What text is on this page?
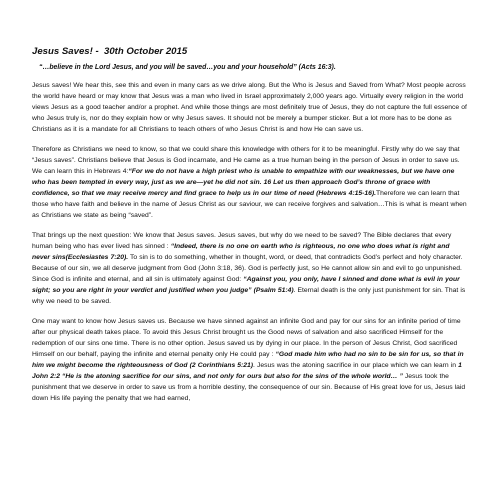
Jesus Saves! -  30th October 2015
“…believe in the Lord Jesus, and you will be saved…you and your household” (Acts 16:3).

Jesus saves! We hear this, see this and even in many cars as we drive along. But the Who is Jesus and Saved from What? Most people across the world have heard or may know that Jesus was a man who lived in Israel approximately 2,000 years ago. Virtually every religion in the world views Jesus as a good teacher and/or a prophet. And while those things are most definitely true of Jesus, they do not capture the full essence of who Jesus truly is, nor do they explain how or why Jesus saves. It should not be merely a bumper sticker. But a lot more has to be done as Christians as it is a mandate for all Christians to teach others of who Jesus Christ is and how He can save us.

Therefore as Christians we need to know, so that we could share this knowledge with others for it to be meaningful. Firstly why do we say that “Jesus saves”. Christians believe that Jesus is God incarnate, and He came as a true human being in the person of Jesus in order to save us. We can learn this in Hebrews 4:“For we do not have a high priest who is unable to empathize with our weaknesses, but we have one who has been tempted in every way, just as we are—yet he did not sin. 16 Let us then approach God’s throne of grace with confidence, so that we may receive mercy and find grace to help us in our time of need (Hebrews 4:15-16).Therefore we can learn that those who have faith and believe in the name of Jesus Christ as our saviour, we can receive forgives and salvation…This is what is meant when as Christians we state as being “saved”.

That brings up the next question: We know that Jesus saves. Jesus saves, but why do we need to be saved? The Bible declares that every human being who has ever lived has sinned : “Indeed, there is no one on earth who is righteous, no one who does what is right and never sins(Ecclesiastes 7:20). To sin is to do something, whether in thought, word, or deed, that contradicts God’s perfect and holy character. Because of our sin, we all deserve judgment from God (John 3:18, 36). God is perfectly just, so He cannot allow sin and evil to go unpunished. Since God is infinite and eternal, and all sin is ultimately against God: “Against you, you only, have I sinned and done what is evil in your sight; so you are right in your verdict and justified when you judge” (Psalm 51:4). Eternal death is the only just punishment for sin. That is why we need to be saved.

One may want to know how Jesus saves us. Because we have sinned against an infinite God and pay for our sins for an infinite period of time after our physical death takes place. To avoid this Jesus Christ brought us the Good news of salvation and also sacrificed Himself for the redemption of our sins one time. There is no other option. Jesus saved us by dying in our place. In the person of Jesus Christ, God sacrificed Himself on our behalf, paying the infinite and eternal penalty only He could pay : “God made him who had no sin to be sin for us, so that in him we might become the righteousness of God (2 Corinthians 5:21). Jesus was the atoning sacrifice in our place which we can learn in 1 John 2:2 “He is the atoning sacrifice for our sins, and not only for ours but also for the sins of the whole world… ” Jesus took the punishment that we deserve in order to save us from a horrible destiny, the consequence of our sin. Because of His great love for us, Jesus laid down His life paying the penalty that we had earned,
